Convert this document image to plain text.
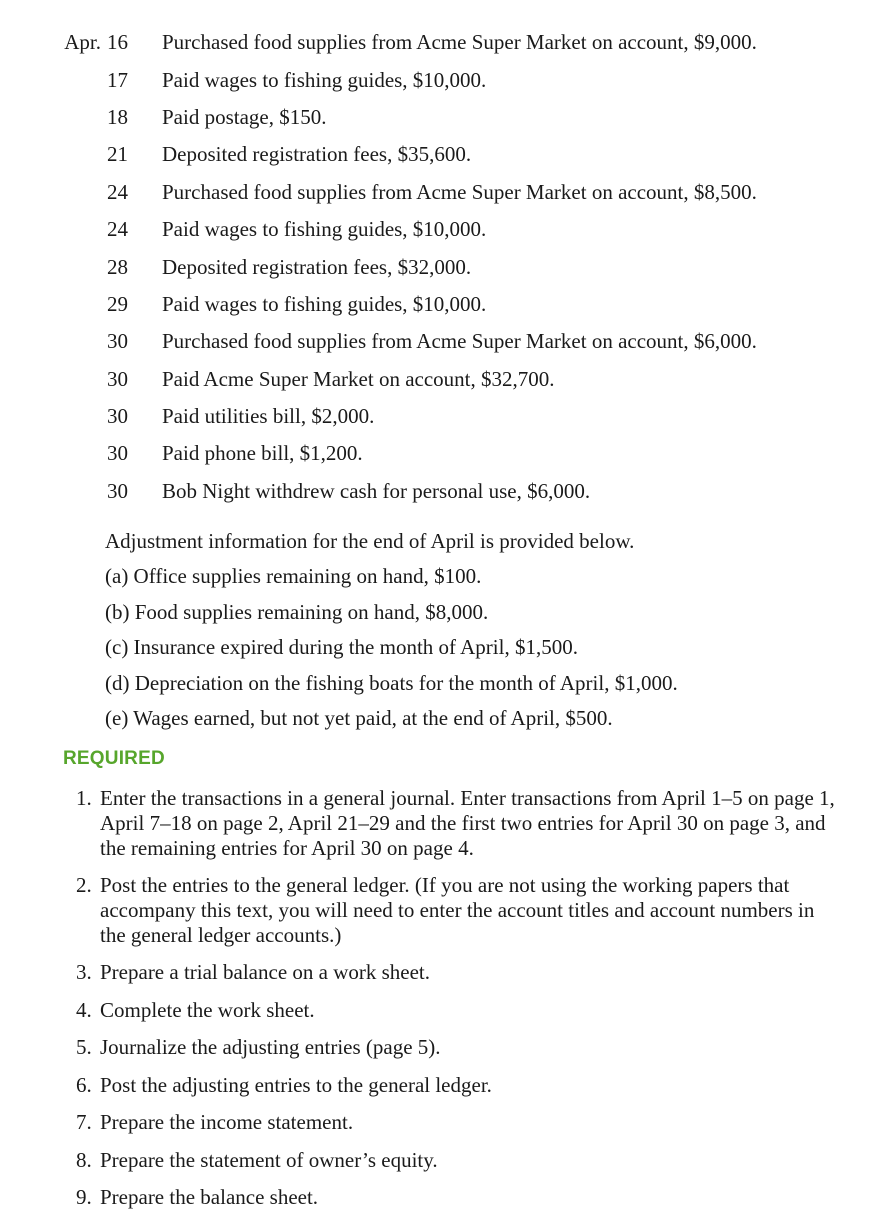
Apr. 16 Purchased food supplies from Acme Super Market on account, $9,000.
17 Paid wages to fishing guides, $10,000.
18 Paid postage, $150.
21 Deposited registration fees, $35,600.
24 Purchased food supplies from Acme Super Market on account, $8,500.
24 Paid wages to fishing guides, $10,000.
28 Deposited registration fees, $32,000.
29 Paid wages to fishing guides, $10,000.
30 Purchased food supplies from Acme Super Market on account, $6,000.
30 Paid Acme Super Market on account, $32,700.
30 Paid utilities bill, $2,000.
30 Paid phone bill, $1,200.
30 Bob Night withdrew cash for personal use, $6,000.
Adjustment information for the end of April is provided below.
(a) Office supplies remaining on hand, $100.
(b) Food supplies remaining on hand, $8,000.
(c) Insurance expired during the month of April, $1,500.
(d) Depreciation on the fishing boats for the month of April, $1,000.
(e) Wages earned, but not yet paid, at the end of April, $500.
REQUIRED
1. Enter the transactions in a general journal. Enter transactions from April 1–5 on page 1, April 7–18 on page 2, April 21–29 and the first two entries for April 30 on page 3, and the remaining entries for April 30 on page 4.
2. Post the entries to the general ledger. (If you are not using the working papers that accompany this text, you will need to enter the account titles and account numbers in the general ledger accounts.)
3. Prepare a trial balance on a work sheet.
4. Complete the work sheet.
5. Journalize the adjusting entries (page 5).
6. Post the adjusting entries to the general ledger.
7. Prepare the income statement.
8. Prepare the statement of owner’s equity.
9. Prepare the balance sheet.
